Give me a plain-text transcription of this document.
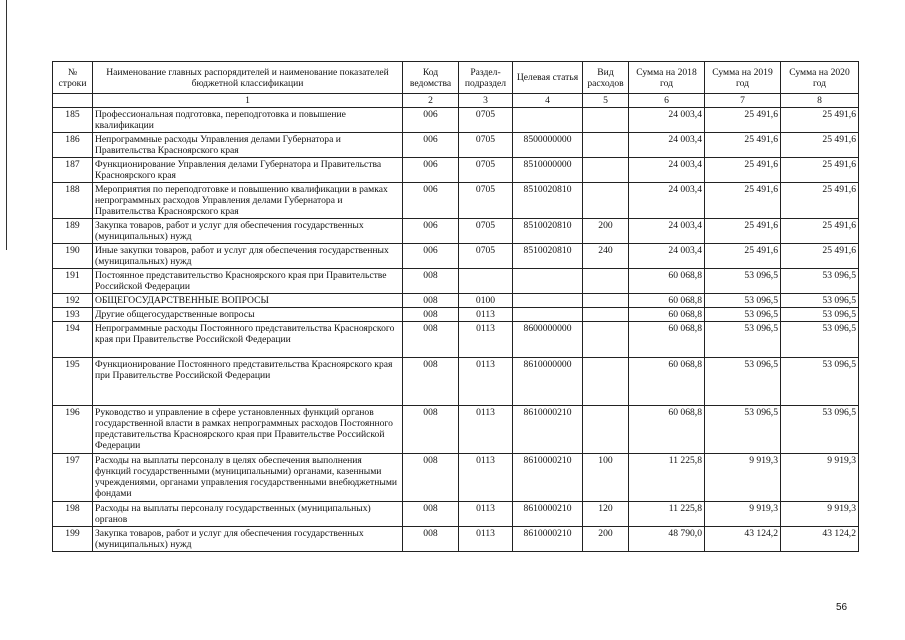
№ строки	Наименование главных распорядителей и наименование показателей бюджетной классификации	Код ведомства	Раздел-подраздел	Целевая статья	Вид расходов	Сумма на 2018 год	Сумма на 2019 год	Сумма на 2020 год
	1	2	3	4	5	6	7	8
185	Профессиональная подготовка, переподготовка и повышение квалификации	006	0705			24 003,4	25 491,6	25 491,6
186	Непрограммные расходы Управления делами Губернатора и Правительства Красноярского края	006	0705	8500000000		24 003,4	25 491,6	25 491,6
187	Функционирование Управления делами Губернатора и Правительства Красноярского края	006	0705	8510000000		24 003,4	25 491,6	25 491,6
188	Мероприятия по переподготовке и повышению квалификации в рамках непрограммных расходов Управления делами Губернатора и Правительства Красноярского края	006	0705	8510020810		24 003,4	25 491,6	25 491,6
189	Закупка товаров, работ и услуг для обеспечения государственных (муниципальных) нужд	006	0705	8510020810	200	24 003,4	25 491,6	25 491,6
190	Иные закупки товаров, работ и услуг для обеспечения государственных (муниципальных) нужд	006	0705	8510020810	240	24 003,4	25 491,6	25 491,6
191	Постоянное представительство Красноярского края при Правительстве Российской Федерации	008				60 068,8	53 096,5	53 096,5
192	ОБЩЕГОСУДАРСТВЕННЫЕ ВОПРОСЫ	008	0100			60 068,8	53 096,5	53 096,5
193	Другие общегосударственные вопросы	008	0113			60 068,8	53 096,5	53 096,5
194	Непрограммные расходы Постоянного представительства Красноярского края при Правительстве Российской Федерации	008	0113	8600000000		60 068,8	53 096,5	53 096,5
195	Функционирование Постоянного представительства Красноярского края при Правительстве Российской Федерации	008	0113	8610000000		60 068,8	53 096,5	53 096,5
196	Руководство и управление в сфере установленных функций органов государственной власти в рамках непрограммных расходов Постоянного представительства Красноярского края при Правительстве Российской Федерации	008	0113	8610000210		60 068,8	53 096,5	53 096,5
197	Расходы на выплаты персоналу в целях обеспечения выполнения функций государственными (муниципальными) органами, казенными учреждениями, органами управления государственными внебюджетными фондами	008	0113	8610000210	100	11 225,8	9 919,3	9 919,3
198	Расходы на выплаты персоналу государственных (муниципальных) органов	008	0113	8610000210	120	11 225,8	9 919,3	9 919,3
199	Закупка товаров, работ и услуг для обеспечения государственных (муниципальных) нужд	008	0113	8610000210	200	48 790,0	43 124,2	43 124,2
56
